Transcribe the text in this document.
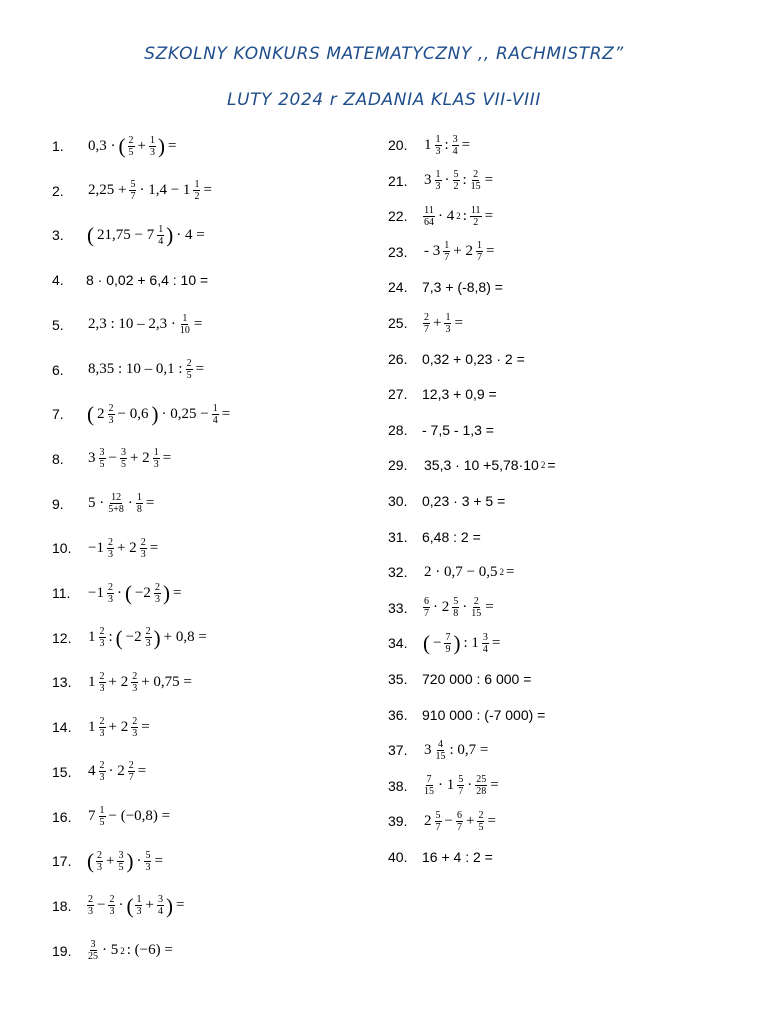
SZKOLNY KONKURS MATEMATYCZNY ,, RACHMISTRZ”
LUTY 2024 r ZADANIA KLAS VII-VIII
1.	0,3 · ( $\frac{2}{5} + \frac{1}{3}$ ) =
2.	$2,25 + \frac{5}{7} \cdot 1,4 - 1 \frac{1}{2}$ =
3.	( $21,75 - 7 \frac{1}{4}$ ) · 4 =
4.	8 · 0,02 + 6,4 : 10 =
5.	2,3 : $10 - 2,3 \cdot \frac{1}{10}$ =
6.	8,35 : 10 – 0,1 : $\frac{2}{5}$ =
7.	( $2 \frac{2}{3} - 0,6$ ) · $0,25 - \frac{1}{4}$ =
8.	$3 \frac{3}{5} - \frac{3}{5} + 2 \frac{1}{3}$ =
9.	$5 \cdot \frac{12}{5+8} \cdot \frac{1}{8}$ =
10.	$-1 \frac{2}{3} + 2 \frac{2}{3}$ =
11.	$-1 \frac{2}{3}$ · ( $-2 \frac{2}{3}$ ) =
12.	$1 \frac{2}{3}$ : ( $-2 \frac{2}{3}$ ) + 0,8 =
13.	$1 \frac{2}{3} + 2 \frac{2}{3} + 0,75$ =
14.	$1 \frac{2}{3} + 2 \frac{2}{3}$ =
15.	$4 \frac{2}{3} \cdot 2 \frac{2}{7}$ =
16.	$7 \frac{1}{5} - (-0,8)$ =
17. ( $\frac{2}{3} + \frac{3}{5}$ ) · $\frac{5}{3}$ =
18.	$\frac{2}{3} - \frac{2}{3}$ · ( $\frac{1}{3} + \frac{3}{4}$ ) =
19.	$\frac{3}{25} \cdot 5$ 2 : (−6) =
20.	$1 \frac{1}{3}$ : $\frac{3}{4}$ =
21.	$3 \frac{1}{3} \cdot \frac{5}{2}$ : $\frac{2}{15}$ =
22.	$\frac{11}{64} \cdot 4$ 2 : $\frac{11}{2}$ =
23.	- $3 \frac{1}{7} + 2 \frac{1}{7}$ =
24.	7,3 + (-8,8) =
25.	$\frac{2}{7} + \frac{1}{3}$ =
26.	0,32 + 0,23 · 2 =
27.	12,3 + 0,9 =
28.	- 7,5 - 1,3 =
29.	35,3 · 10 +5,78·10 2 =
30.	0,23 · 3 + 5 =
31.	6,48 : 2 =
32.	2 · 0,7 − 0,5 2 =
33.	$\frac{6}{7} \cdot 2 \frac{5}{8} \cdot \frac{2}{15}$ =
34. ( − $\frac{7}{9}$ ) : $1 \frac{3}{4}$ =
35.	720 000 : 6 000 =
36.	910 000 : (-7 000) =
37.	$3 \frac{4}{15}$ : 0,7 =
38.	$\frac{7}{15} \cdot 1 \frac{5}{7} \cdot \frac{25}{28}$ =
39.	$2 \frac{5}{7} - \frac{6}{7} + \frac{2}{5}$ =
40.	16 + 4 : 2 =
